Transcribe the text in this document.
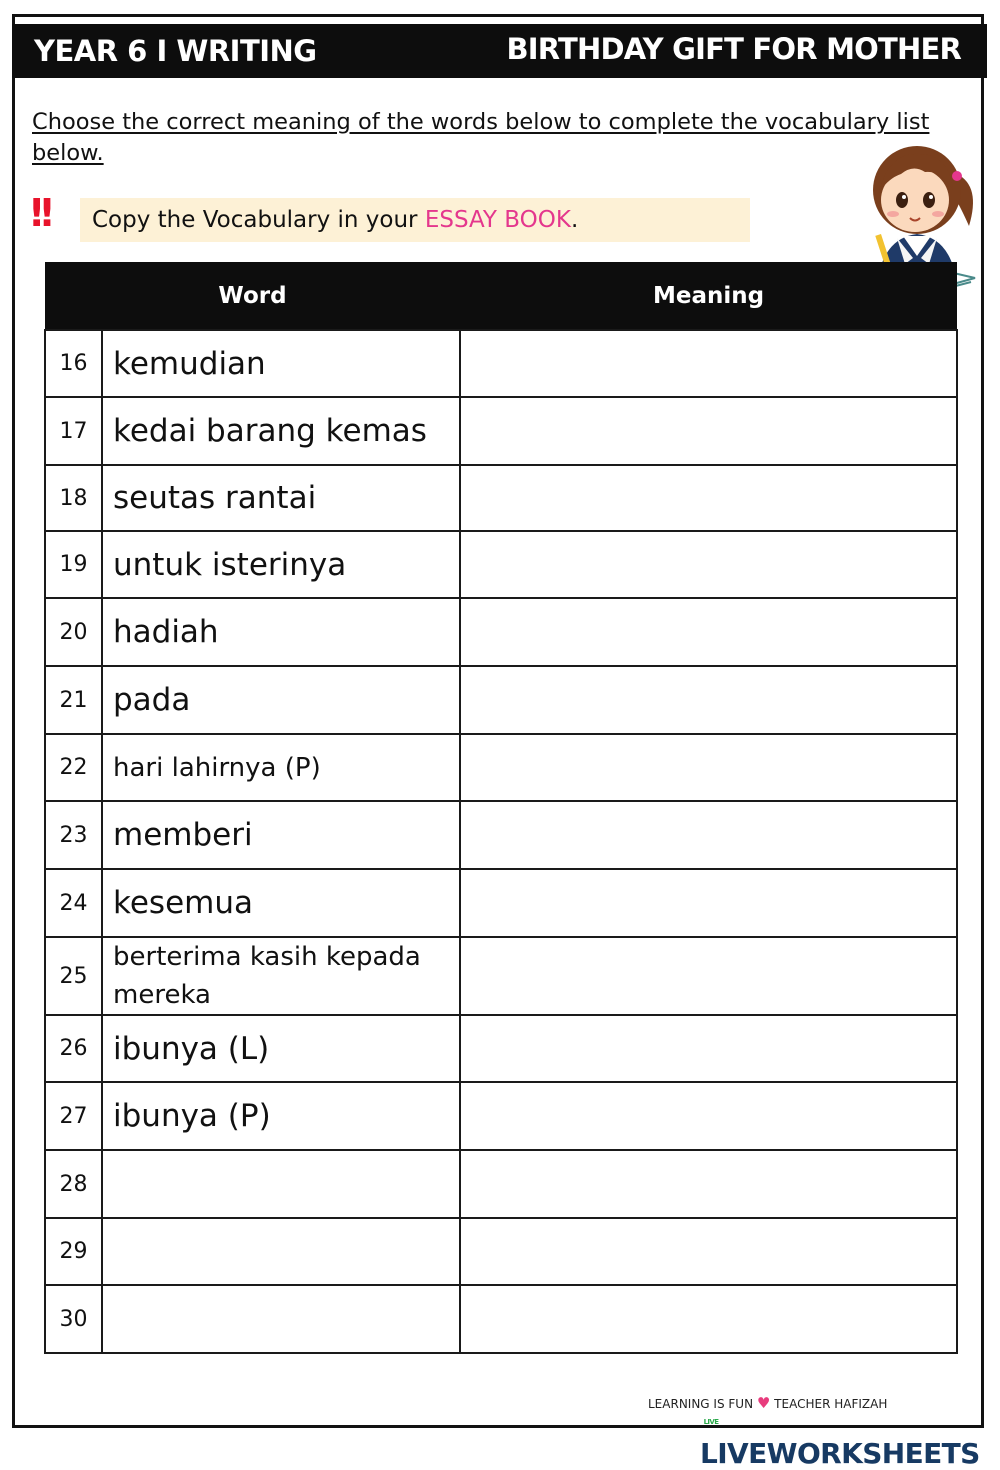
YEAR 6 I WRITING	BIRTHDAY GIFT FOR MOTHER
Choose the correct meaning of the words below to complete the vocabulary list below.
!!	Copy the Vocabulary in your ESSAY BOOK.
Word		Meaning
16	kemudian	
17	kedai barang kemas	
18	seutas rantai	
19	untuk isterinya	
20	hadiah	
21	pada	
22	hari lahirnya (P)	
23	memberi	
24	kesemua	
25	berterima kasih kepada mereka	
26	ibunya (L)	
27	ibunya (P)	
28		
29		
30		
LEARNING IS FUN ♥ TEACHER HAFIZAH
LIVELIVEWORKSHEETS
